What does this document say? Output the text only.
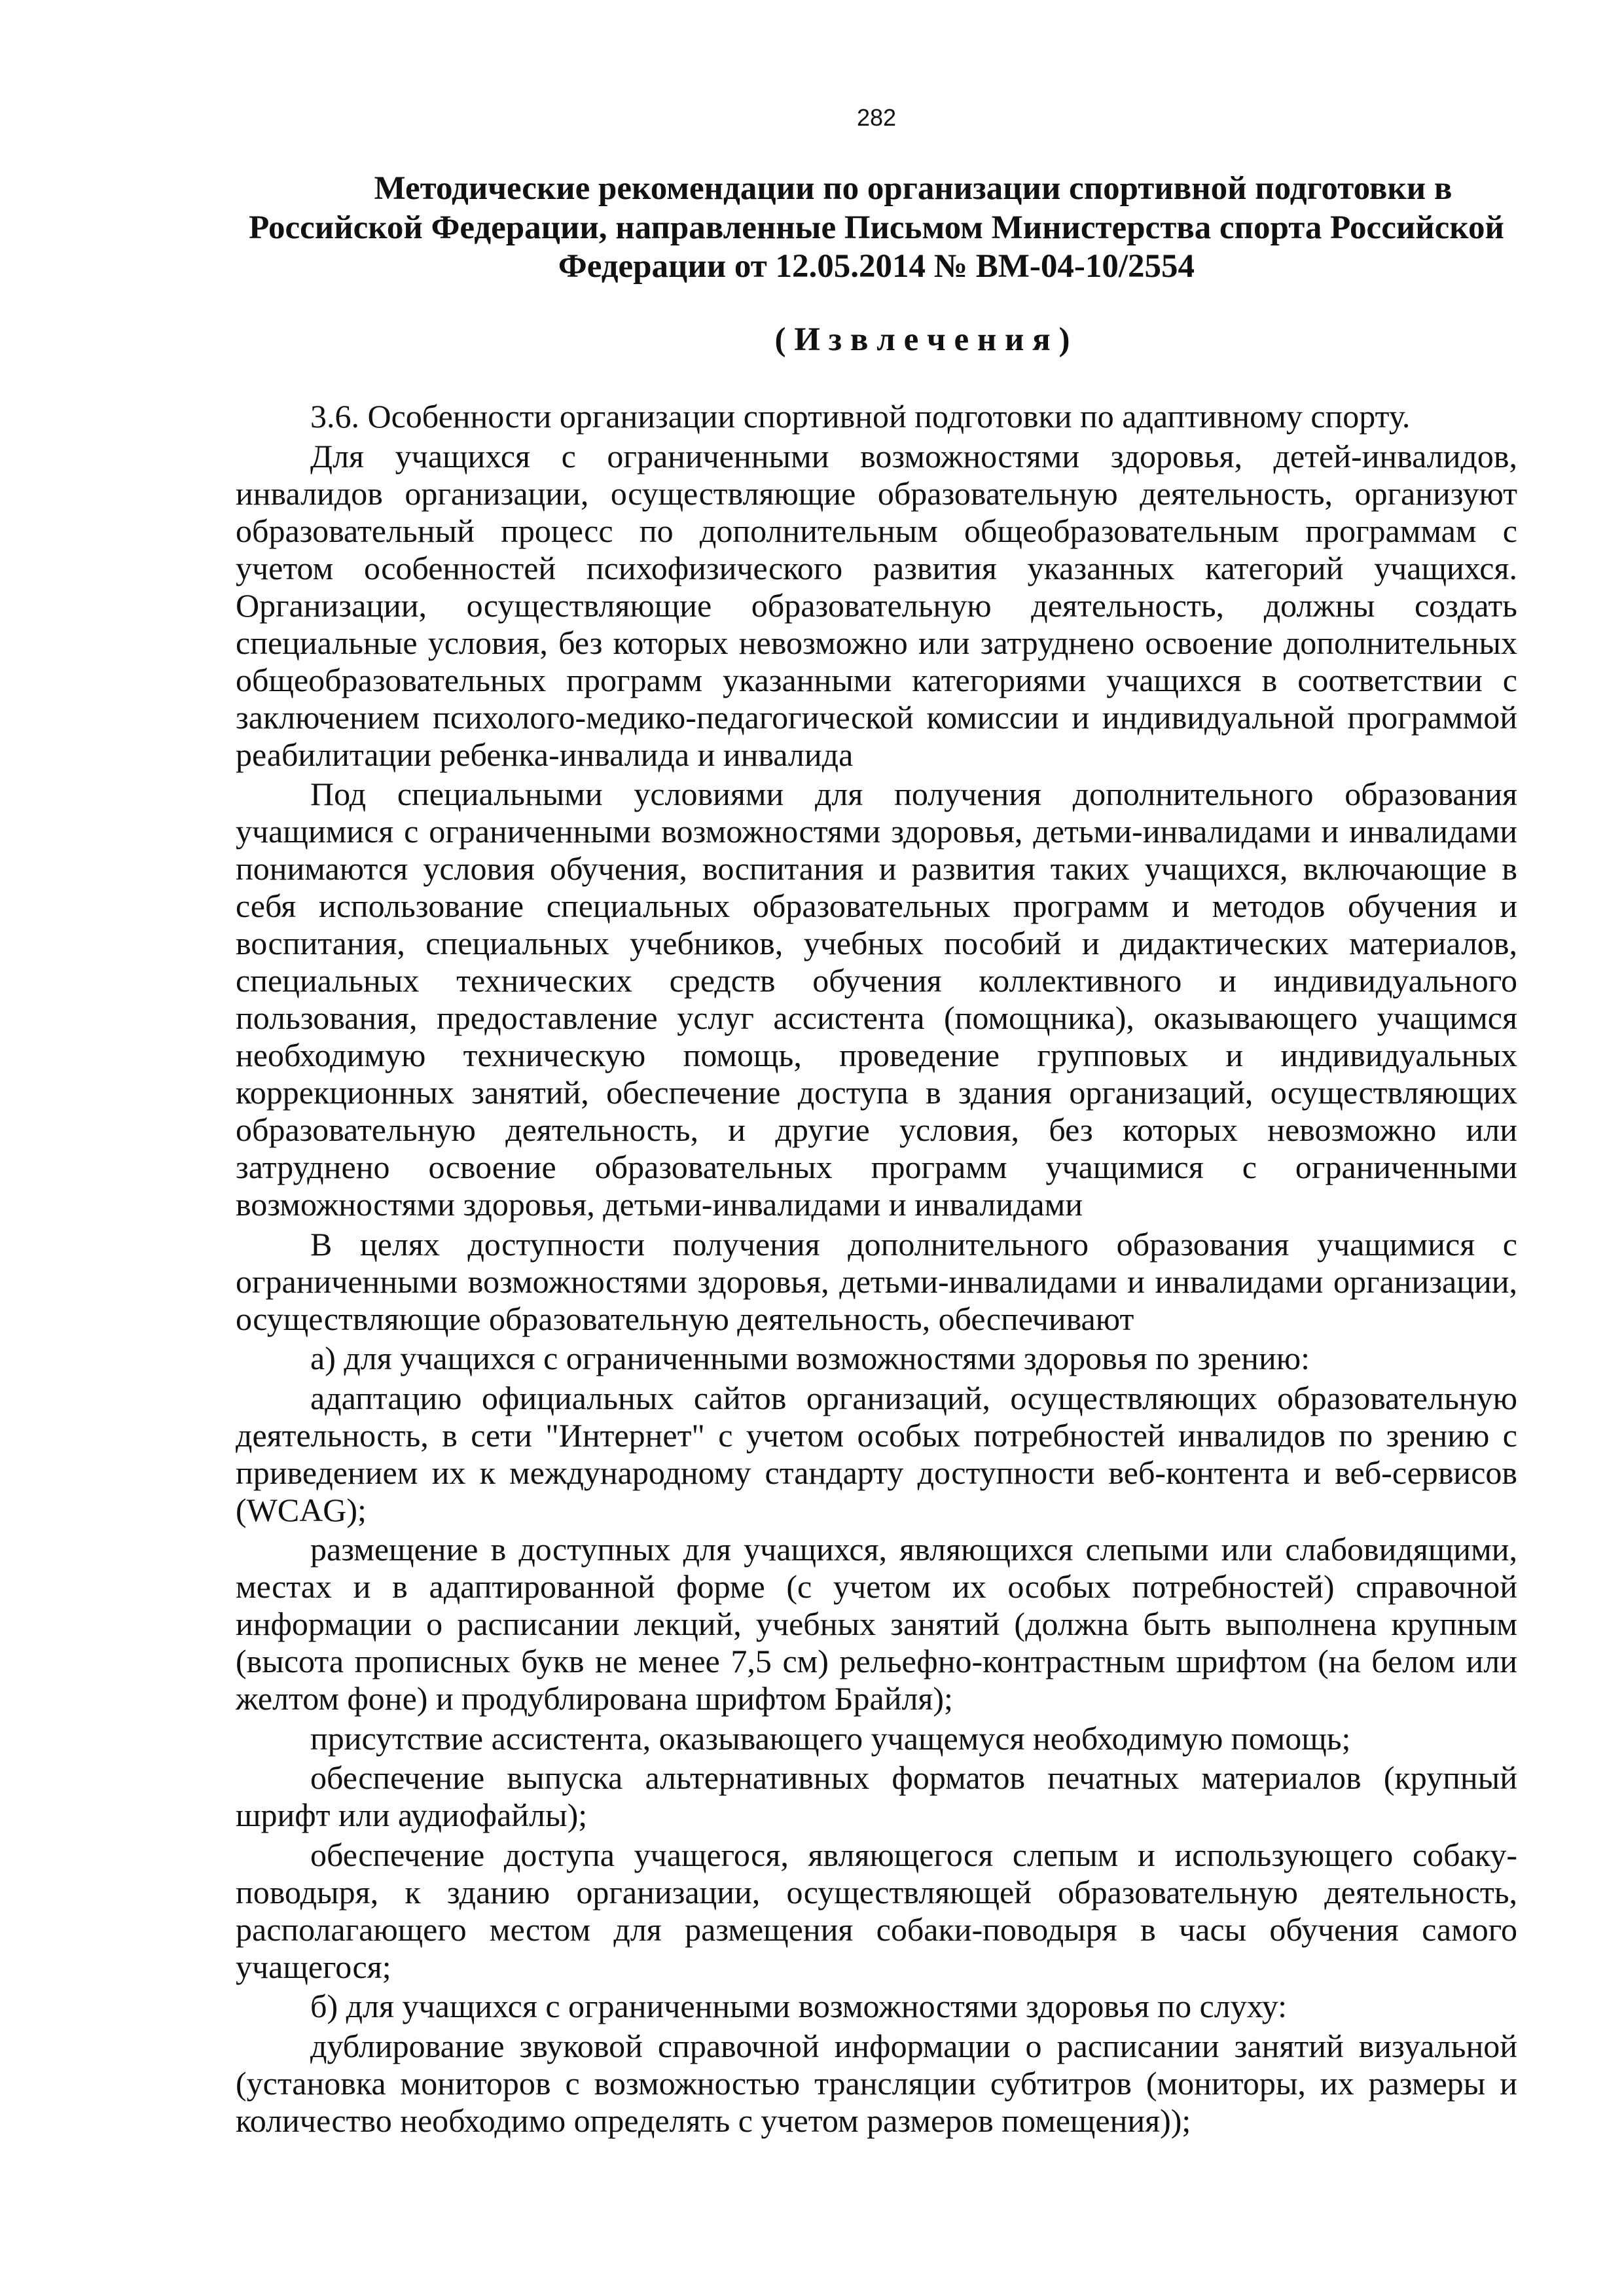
282
Методические рекомендации по организации спортивной подготовки в
Российской Федерации, направленные Письмом Министерства спорта Российской
Федерации от 12.05.2014 № ВМ-04-10/2554
( И з в л е ч е н и я )
3.6. Особенности организации спортивной подготовки по адаптивному спорту.
Для учащихся с ограниченными возможностями здоровья, детей-инвалидов,
инвалидов организации, осуществляющие образовательную деятельность, организуют
образовательный процесс по дополнительным общеобразовательным программам с
учетом особенностей психофизического развития указанных категорий учащихся.
Организации, осуществляющие образовательную деятельность, должны создать
специальные условия, без которых невозможно или затруднено освоение дополнительных
общеобразовательных программ указанными категориями учащихся в соответствии с
заключением психолого-медико-педагогической комиссии и индивидуальной программой
реабилитации ребенка-инвалида и инвалида
Под специальными условиями для получения дополнительного образования
учащимися с ограниченными возможностями здоровья, детьми-инвалидами и инвалидами
понимаются условия обучения, воспитания и развития таких учащихся, включающие в
себя использование специальных образовательных программ и методов обучения и
воспитания, специальных учебников, учебных пособий и дидактических материалов,
специальных технических средств обучения коллективного и индивидуального
пользования, предоставление услуг ассистента (помощника), оказывающего учащимся
необходимую техническую помощь, проведение групповых и индивидуальных
коррекционных занятий, обеспечение доступа в здания организаций, осуществляющих
образовательную деятельность, и другие условия, без которых невозможно или
затруднено освоение образовательных программ учащимися с ограниченными
возможностями здоровья, детьми-инвалидами и инвалидами
В целях доступности получения дополнительного образования учащимися с
ограниченными возможностями здоровья, детьми-инвалидами и инвалидами организации,
осуществляющие образовательную деятельность, обеспечивают
а) для учащихся с ограниченными возможностями здоровья по зрению:
адаптацию официальных сайтов организаций, осуществляющих образовательную
деятельность, в сети "Интернет" с учетом особых потребностей инвалидов по зрению с
приведением их к международному стандарту доступности веб-контента и веб-сервисов
(WCAG);
размещение в доступных для учащихся, являющихся слепыми или слабовидящими,
местах и в адаптированной форме (с учетом их особых потребностей) справочной
информации о расписании лекций, учебных занятий (должна быть выполнена крупным
(высота прописных букв не менее 7,5 см) рельефно-контрастным шрифтом (на белом или
желтом фоне) и продублирована шрифтом Брайля);
присутствие ассистента, оказывающего учащемуся необходимую помощь;
обеспечение выпуска альтернативных форматов печатных материалов (крупный
шрифт или аудиофайлы);
обеспечение доступа учащегося, являющегося слепым и использующего собаку-
поводыря, к зданию организации, осуществляющей образовательную деятельность,
располагающего местом для размещения собаки-поводыря в часы обучения самого
учащегося;
б) для учащихся с ограниченными возможностями здоровья по слуху:
дублирование звуковой справочной информации о расписании занятий визуальной
(установка мониторов с возможностью трансляции субтитров (мониторы, их размеры и
количество необходимо определять с учетом размеров помещения));
